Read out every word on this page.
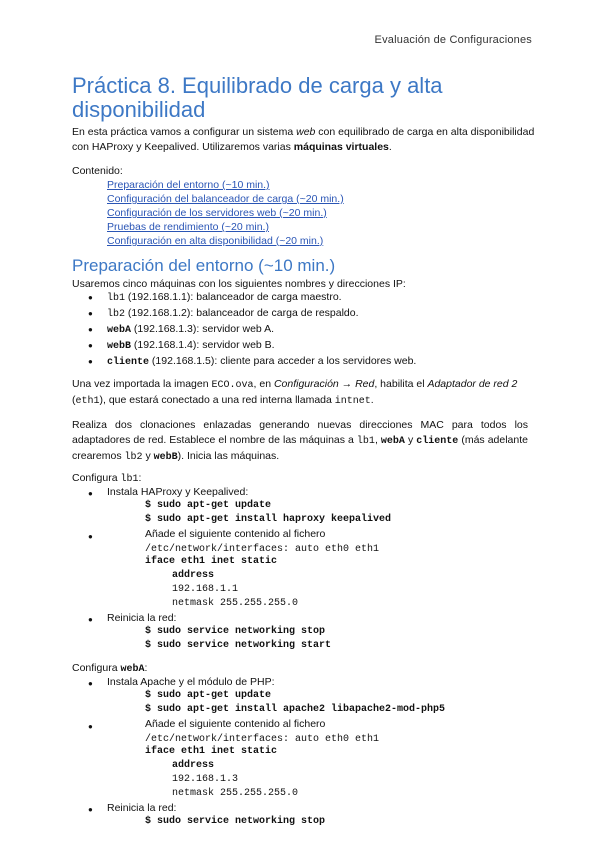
Evaluación de Configuraciones
Práctica 8. Equilibrado de carga y alta disponibilidad
En esta práctica vamos a configurar un sistema web con equilibrado de carga en alta disponibilidad con HAProxy y Keepalived. Utilizaremos varias máquinas virtuales.
Contenido:
Preparación del entorno (~10 min.)
Configuración del balanceador de carga (~20 min.)
Configuración de los servidores web (~20 min.)
Pruebas de rendimiento (~20 min.)
Configuración en alta disponibilidad (~20 min.)
Preparación del entorno (~10 min.)
Usaremos cinco máquinas con los siguientes nombres y direcciones IP:
● lb1 (192.168.1.1): balanceador de carga maestro.
● lb2 (192.168.1.2): balanceador de carga de respaldo.
● webA (192.168.1.3): servidor web A.
● webB (192.168.1.4): servidor web B.
● cliente (192.168.1.5): cliente para acceder a los servidores web.
Una vez importada la imagen ECO.ova, en Configuración → Red, habilita el Adaptador de red 2 (eth1), que estará conectado a una red interna llamada intnet.
Realiza dos clonaciones enlazadas generando nuevas direcciones MAC para todos los adaptadores de red. Establece el nombre de las máquinas a lb1, webA y cliente (más adelante crearemos lb2 y webB). Inicia las máquinas.
Configura lb1:
● Instala HAProxy y Keepalived:
$ sudo apt-get update
$ sudo apt-get install haproxy keepalived
●	Añade el siguiente contenido al fichero
/etc/network/interfaces: auto eth0 eth1
iface eth1 inet static
address
192.168.1.1
netmask 255.255.255.0
● Reinicia la red:
$ sudo service networking stop
$ sudo service networking start
Configura webA:
● Instala Apache y el módulo de PHP:
$ sudo apt-get update
$ sudo apt-get install apache2 libapache2-mod-php5
●	Añade el siguiente contenido al fichero
/etc/network/interfaces: auto eth0 eth1
iface eth1 inet static
address
192.168.1.3
netmask 255.255.255.0
● Reinicia la red:
$ sudo service networking stop
